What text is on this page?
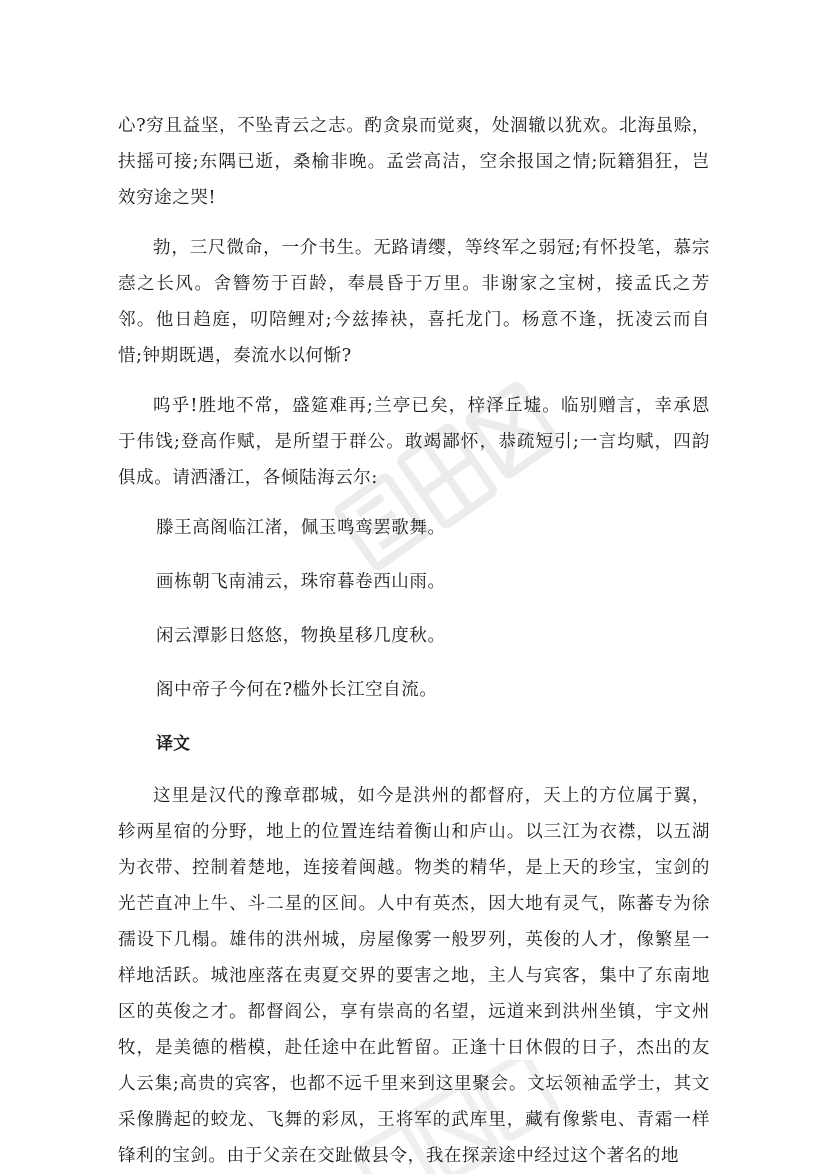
心?穷且益坚，不坠青云之志。酌贪泉而觉爽，处涸辙以犹欢。北海虽赊，扶摇可接;东隅已逝，桑榆非晚。孟尝高洁，空余报国之情;阮籍猖狂，岂效穷途之哭!

勃，三尺微命，一介书生。无路请缨，等终军之弱冠;有怀投笔，慕宗悫之长风。舍簪笏于百龄，奉晨昏于万里。非谢家之宝树，接孟氏之芳邻。他日趋庭，叨陪鲤对;今兹捧袂，喜托龙门。杨意不逢，抚凌云而自惜;钟期既遇，奏流水以何惭?

呜乎!胜地不常，盛筵难再;兰亭已矣，梓泽丘墟。临别赠言，幸承恩于伟饯;登高作赋，是所望于群公。敢竭鄙怀，恭疏短引;一言均赋，四韵俱成。请洒潘江，各倾陆海云尔:

滕王高阁临江渚，佩玉鸣鸾罢歌舞。

画栋朝飞南浦云，珠帘暮卷西山雨。

闲云潭影日悠悠，物换星移几度秋。

阁中帝子今何在?槛外长江空自流。

译文

这里是汉代的豫章郡城，如今是洪州的都督府，天上的方位属于翼，轸两星宿的分野，地上的位置连结着衡山和庐山。以三江为衣襟，以五湖为衣带、控制着楚地，连接着闽越。物类的精华，是上天的珍宝，宝剑的光芒直冲上牛、斗二星的区间。人中有英杰，因大地有灵气，陈蕃专为徐孺设下几榻。雄伟的洪州城，房屋像雾一般罗列，英俊的人才，像繁星一样地活跃。城池座落在夷夏交界的要害之地，主人与宾客，集中了东南地区的英俊之才。都督阎公，享有崇高的名望，远道来到洪州坐镇，宇文州牧，是美德的楷模，赴任途中在此暂留。正逢十日休假的日子，杰出的友人云集;高贵的宾客，也都不远千里来到这里聚会。文坛领袖孟学士，其文采像腾起的蛟龙、飞舞的彩凤，王将军的武库里，藏有像紫电、青霜一样锋利的宝剑。由于父亲在交趾做县令，我在探亲途中经过这个著名的地
